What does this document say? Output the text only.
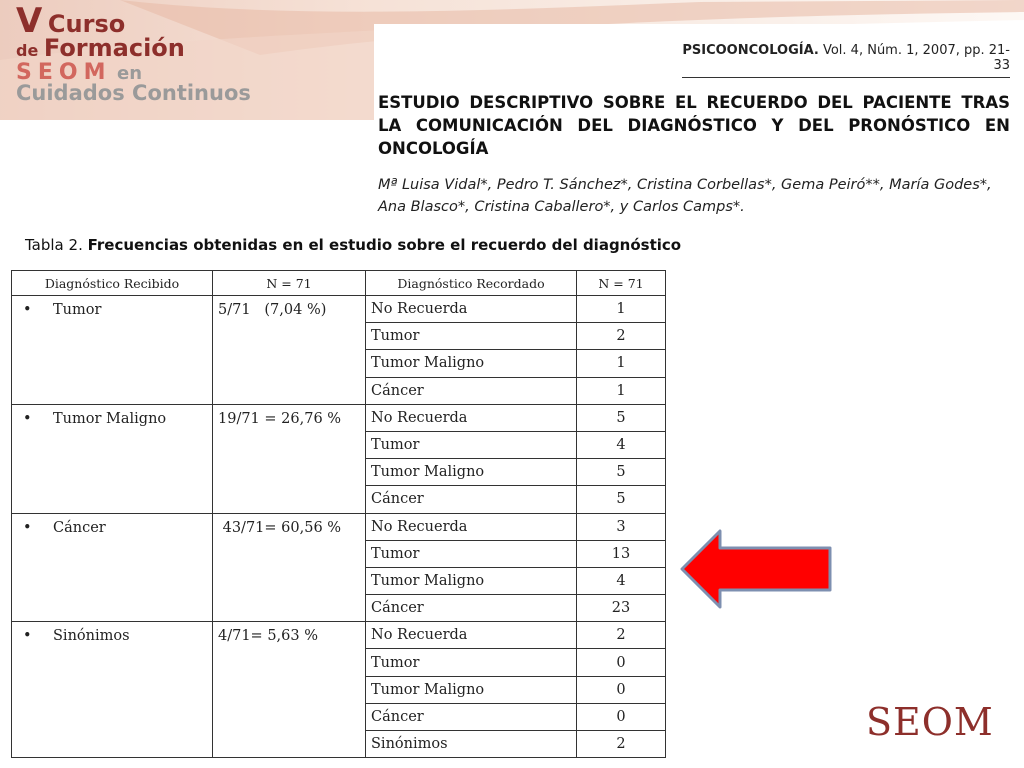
V Curso
de Formación
SEOM en
Cuidados Continuos
PSICOONCOLOGÍA. Vol. 4, Núm. 1, 2007, pp. 21-33
ESTUDIO DESCRIPTIVO SOBRE EL RECUERDO DEL PACIENTE TRAS LA COMUNICACIÓN DEL DIAGNÓSTICO Y DEL PRONÓSTICO EN ONCOLOGÍA
Mª Luisa Vidal*, Pedro T. Sánchez*, Cristina Corbellas*, Gema Peiró**, María Godes*, Ana Blasco*, Cristina Caballero*, y Carlos Camps*.
Tabla 2. Frecuencias obtenidas en el estudio sobre el recuerdo del diagnóstico
Diagnóstico Recibido	N = 71	Diagnóstico Recordado	N = 71
• Tumor	5/71   (7,04 %)	No Recuerda	1
		Tumor	2
		Tumor Maligno	1
		Cáncer	1
• Tumor Maligno	19/71 = 26,76 %	No Recuerda	5
		Tumor	4
		Tumor Maligno	5
		Cáncer	5
• Cáncer	43/71= 60,56 %	No Recuerda	3
		Tumor	13
		Tumor Maligno	4
		Cáncer	23
• Sinónimos	4/71= 5,63 %	No Recuerda	2
		Tumor	0
		Tumor Maligno	0
		Cáncer	0
		Sinónimos	2
SEOM
